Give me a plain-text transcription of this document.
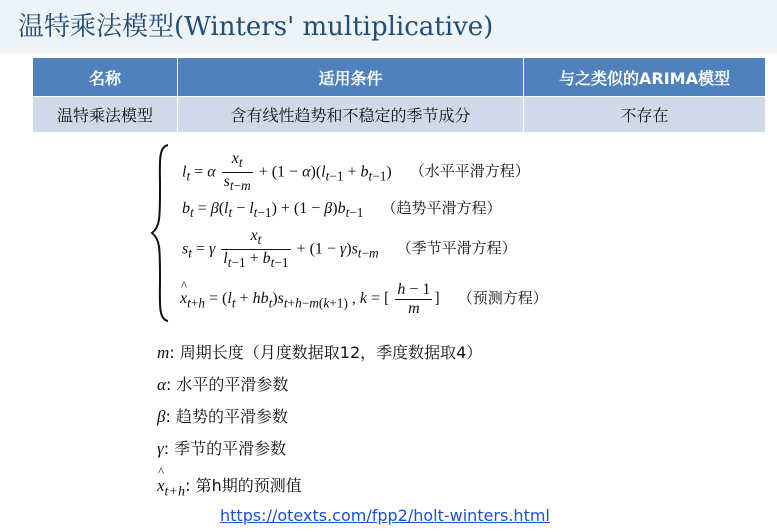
温特乘法模型(Winters' multiplicative)
名称	适用条件	与之类似的ARIMA模型
温特乘法模型	含有线性趋势和不稳定的季节成分	不存在
$l_t = \alpha \frac{x_t}{s_{t-m}} + (1 - \alpha)(l_{t-1} + b_{t-1})$ （水平平滑方程）
$b_t = \beta(l_t - l_{t-1}) + (1 - \beta)b_{t-1}$ （趋势平滑方程）
$s_t = \gamma \frac{x_t}{l_{t-1} + b_{t-1}} + (1 - \gamma)s_{t-m}$ （季节平滑方程）
^ $x_{t+h} = (l_t + hb_t)s_{t+h-m(k+1)}$ , k = [ $\frac{h - 1}{m}$ ] （预测方程）
m: 周期长度（月度数据取12，季度数据取4）
α: 水平的平滑参数
β: 趋势的平滑参数
γ: 季节的平滑参数
^ $x_{t+h}$: 第h期的预测值
https://otexts.com/fpp2/holt-winters.html
